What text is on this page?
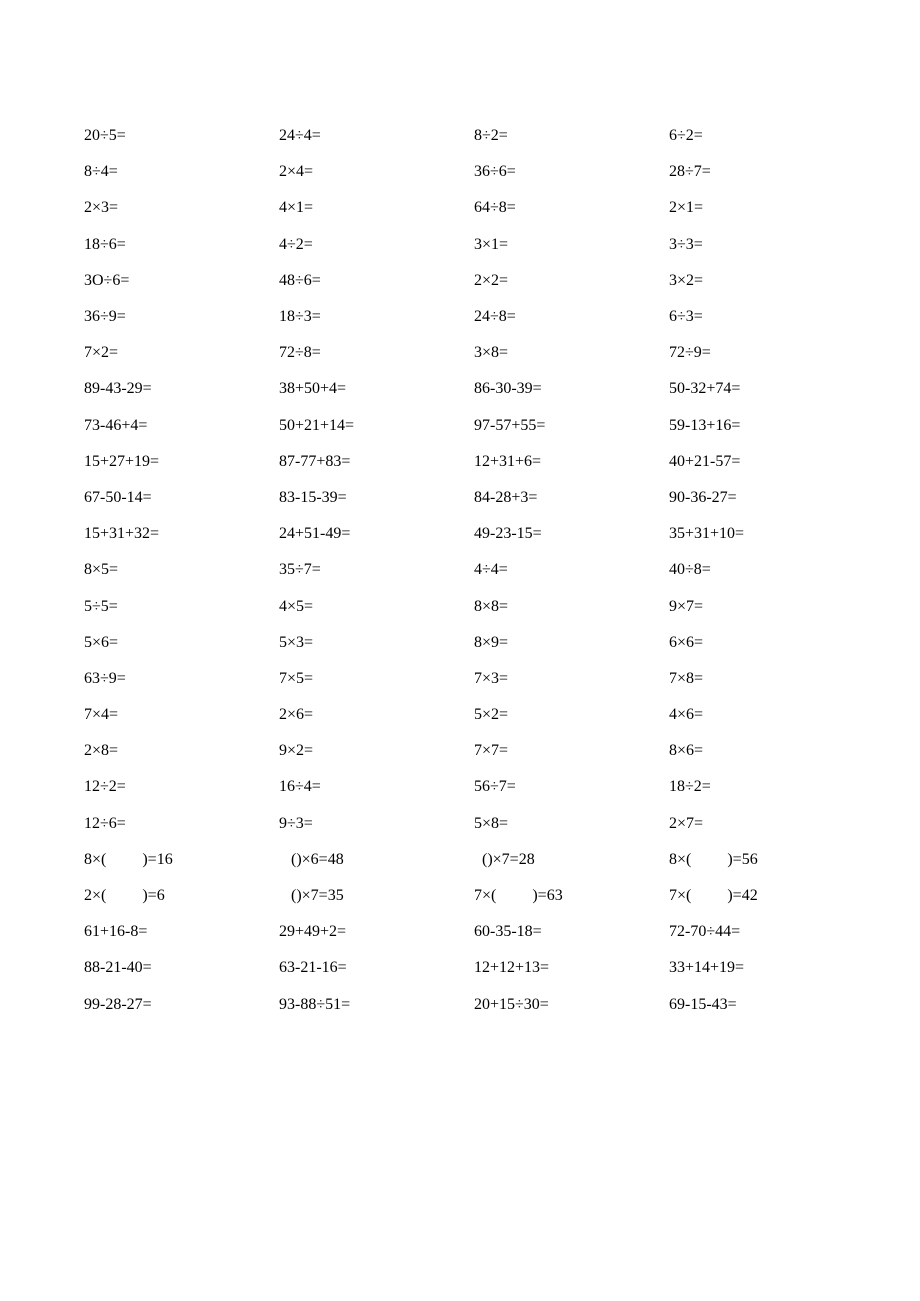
20÷5=	24÷4=	8÷2=	6÷2=
8÷4=	2×4=	36÷6=	28÷7=
2×3=	4×1=	64÷8=	2×1=
18÷6=	4÷2=	3×1=	3÷3=
3O÷6=	48÷6=	2×2=	3×2=
36÷9=	18÷3=	24÷8=	6÷3=
7×2=	72÷8=	3×8=	72÷9=
89-43-29=	38+50+4=	86-30-39=	50-32+74=
73-46+4=	50+21+14=	97-57+55=	59-13+16=
15+27+19=	87-77+83=	12+31+6=	40+21-57=
67-50-14=	83-15-39=	84-28+3=	90-36-27=
15+31+32=	24+51-49=	49-23-15=	35+31+10=
8×5=	35÷7=	4÷4=	40÷8=
5÷5=	4×5=	8×8=	9×7=
5×6=	5×3=	8×9=	6×6=
63÷9=	7×5=	7×3=	7×8=
7×4=	2×6=	5×2=	4×6=
2×8=	9×2=	7×7=	8×6=
12÷2=	16÷4=	56÷7=	18÷2=
12÷6=	9÷3=	5×8=	2×7=
8×(         )=16	()×6=48	()×7=28	8×(         )=56
2×(         )=6	()×7=35	7×(         )=63	7×(         )=42
61+16-8=	29+49+2=	60-35-18=	72-70÷44=
88-21-40=	63-21-16=	12+12+13=	33+14+19=
99-28-27=	93-88÷51=	20+15÷30=	69-15-43=
